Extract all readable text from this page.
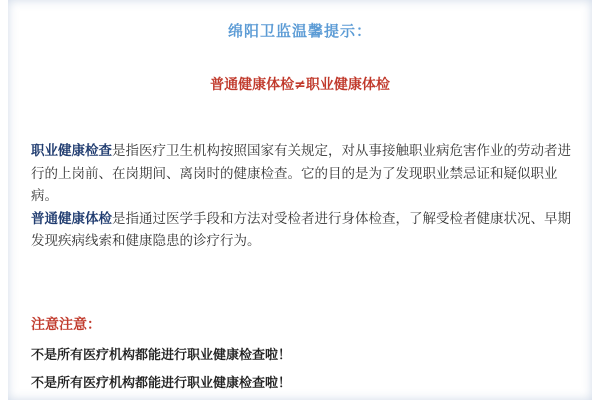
绵阳卫监温馨提示：
普通健康体检≠职业健康体检

职业健康检查是指医疗卫生机构按照国家有关规定，对从事接触职业病危害作业的劳动者进行的上岗前、在岗期间、离岗时的健康检查。它的目的是为了发现职业禁忌证和疑似职业病。

普通健康体检是指通过医学手段和方法对受检者进行身体检查，了解受检者健康状况、早期发现疾病线索和健康隐患的诊疗行为。

注意注意：
不是所有医疗机构都能进行职业健康检查啦！
不是所有医疗机构都能进行职业健康检查啦！
